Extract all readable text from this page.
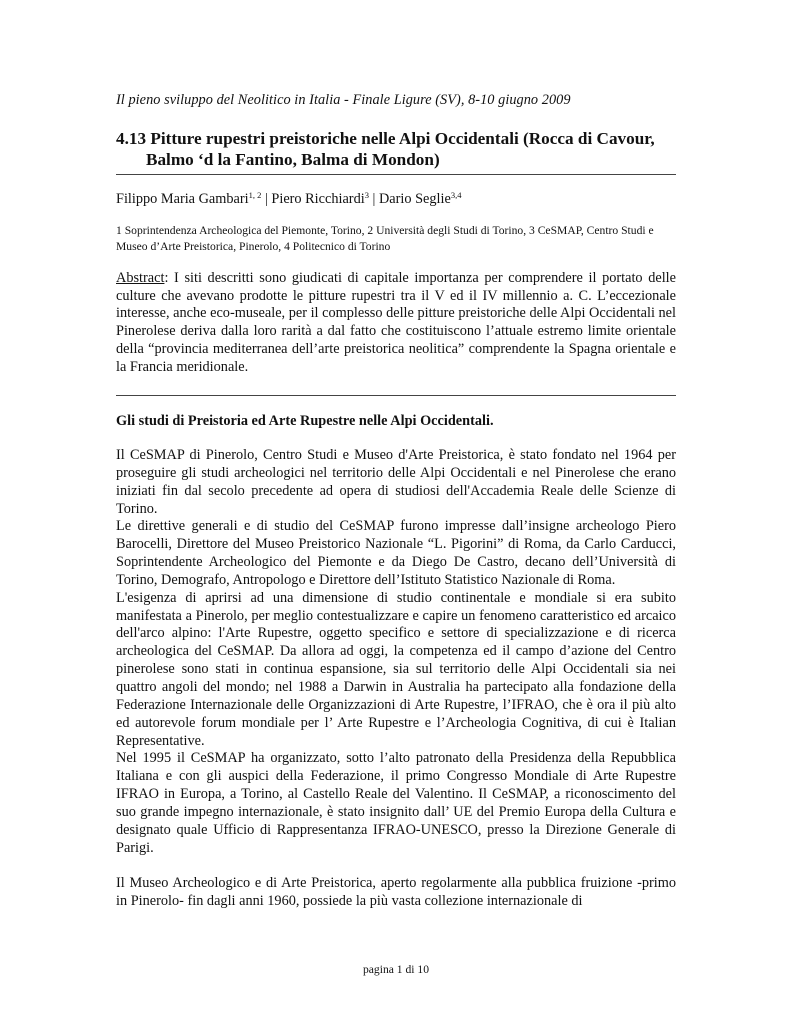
Il pieno sviluppo del Neolitico in Italia - Finale Ligure (SV), 8-10 giugno 2009
4.13 Pitture rupestri preistoriche nelle Alpi Occidentali (Rocca di Cavour,
Balmo ‘d la Fantino, Balma di Mondon)
Filippo Maria Gambari$^{1, 2}$ | Piero Ricchiardi$^3$ | Dario Seglie$^{3,4}$
1 Soprintendenza Archeologica del Piemonte, Torino, 2 Università degli Studi di Torino, 3 CeSMAP, Centro Studi e Museo d’Arte Preistorica, Pinerolo, 4 Politecnico di Torino
Abstract: I siti descritti sono giudicati di capitale importanza per comprendere il portato delle culture che avevano prodotte le pitture rupestri tra il V ed il IV millennio a. C. L’eccezionale interesse, anche eco-museale, per il complesso delle pitture preistoriche delle Alpi Occidentali nel Pinerolese deriva dalla loro rarità a dal fatto che costituiscono l’attuale estremo limite orientale della “provincia mediterranea dell’arte preistorica neolitica” comprendente la Spagna orientale e la Francia meridionale.
Gli studi di Preistoria ed Arte Rupestre nelle Alpi Occidentali.

Il CeSMAP di Pinerolo, Centro Studi e Museo d'Arte Preistorica, è stato fondato nel 1964 per proseguire gli studi archeologici nel territorio delle Alpi Occidentali e nel Pinerolese che erano iniziati fin dal secolo precedente ad opera di studiosi dell'Accademia Reale delle Scienze di Torino.

Le direttive generali e di studio del CeSMAP furono impresse dall’insigne archeologo Piero Barocelli, Direttore del Museo Preistorico Nazionale “L. Pigorini” di Roma, da Carlo Carducci, Soprintendente Archeologico del Piemonte e da Diego De Castro, decano dell’Università di Torino, Demografo, Antropologo e Direttore dell’Istituto Statistico Nazionale di Roma.

L'esigenza di aprirsi ad una dimensione di studio continentale e mondiale si era subito manifestata a Pinerolo, per meglio contestualizzare e capire un fenomeno caratteristico ed arcaico dell'arco alpino: l'Arte Rupestre, oggetto specifico e settore di specializzazione e di ricerca archeologica del CeSMAP. Da allora ad oggi, la competenza ed il campo d’azione del Centro pinerolese sono stati in continua espansione, sia sul territorio delle Alpi Occidentali sia nei quattro angoli del mondo; nel 1988 a Darwin in Australia ha partecipato alla fondazione della Federazione Internazionale delle Organizzazioni di Arte Rupestre, l’IFRAO, che è ora il più alto ed autorevole forum mondiale per l’ Arte Rupestre e l’Archeologia Cognitiva, di cui è Italian Representative.

Nel 1995 il CeSMAP ha organizzato, sotto l’alto patronato della Presidenza della Repubblica Italiana e con gli auspici della Federazione, il primo Congresso Mondiale di Arte Rupestre IFRAO in Europa, a Torino, al Castello Reale del Valentino. Il CeSMAP, a riconoscimento del suo grande impegno internazionale, è stato insignito dall’ UE del Premio Europa della Cultura e designato quale Ufficio di Rappresentanza IFRAO-UNESCO, presso la Direzione Generale di Parigi.

Il Museo Archeologico e di Arte Preistorica, aperto regolarmente alla pubblica fruizione -primo in Pinerolo- fin dagli anni 1960, possiede la più vasta collezione internazionale di

pagina 1 di 10
